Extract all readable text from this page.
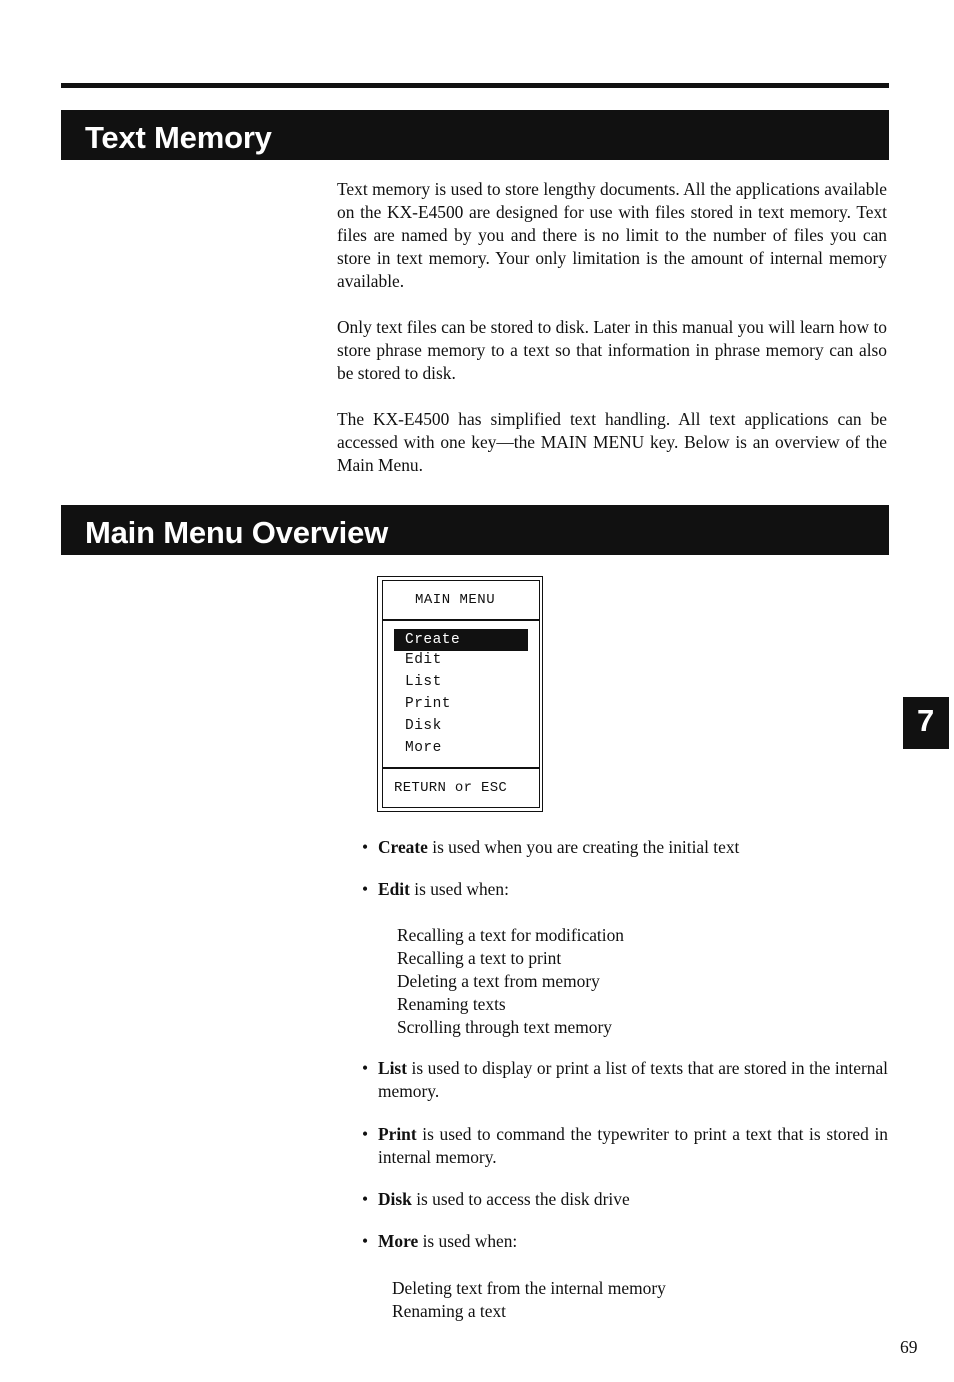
Text Memory

Text memory is used to store lengthy documents. All the applications available on the KX-E4500 are designed for use with files stored in text memory. Text files are named by you and there is no limit to the number of files you can store in text memory. Your only limitation is the amount of internal memory available.

Only text files can be stored to disk. Later in this manual you will learn how to store phrase memory to a text so that information in phrase memory can also be stored to disk.

The KX-E4500 has simplified text handling. All text applications can be accessed with one key—the MAIN MENU key. Below is an overview of the Main Menu.

Main Menu Overview
MAIN MENU
Create
Edit
List
Print
Disk
More
RETURN or ESC
• Create is used when you are creating the initial text
• Edit is used when:
Recalling a text for modification
Recalling a text to print
Deleting a text from memory
Renaming texts
Scrolling through text memory
• List is used to display or print a list of texts that are stored in the internal memory.
• Print is used to command the typewriter to print a text that is stored in internal memory.
• Disk is used to access the disk drive
• More is used when:
Deleting text from the internal memory
Renaming a text
7
69
